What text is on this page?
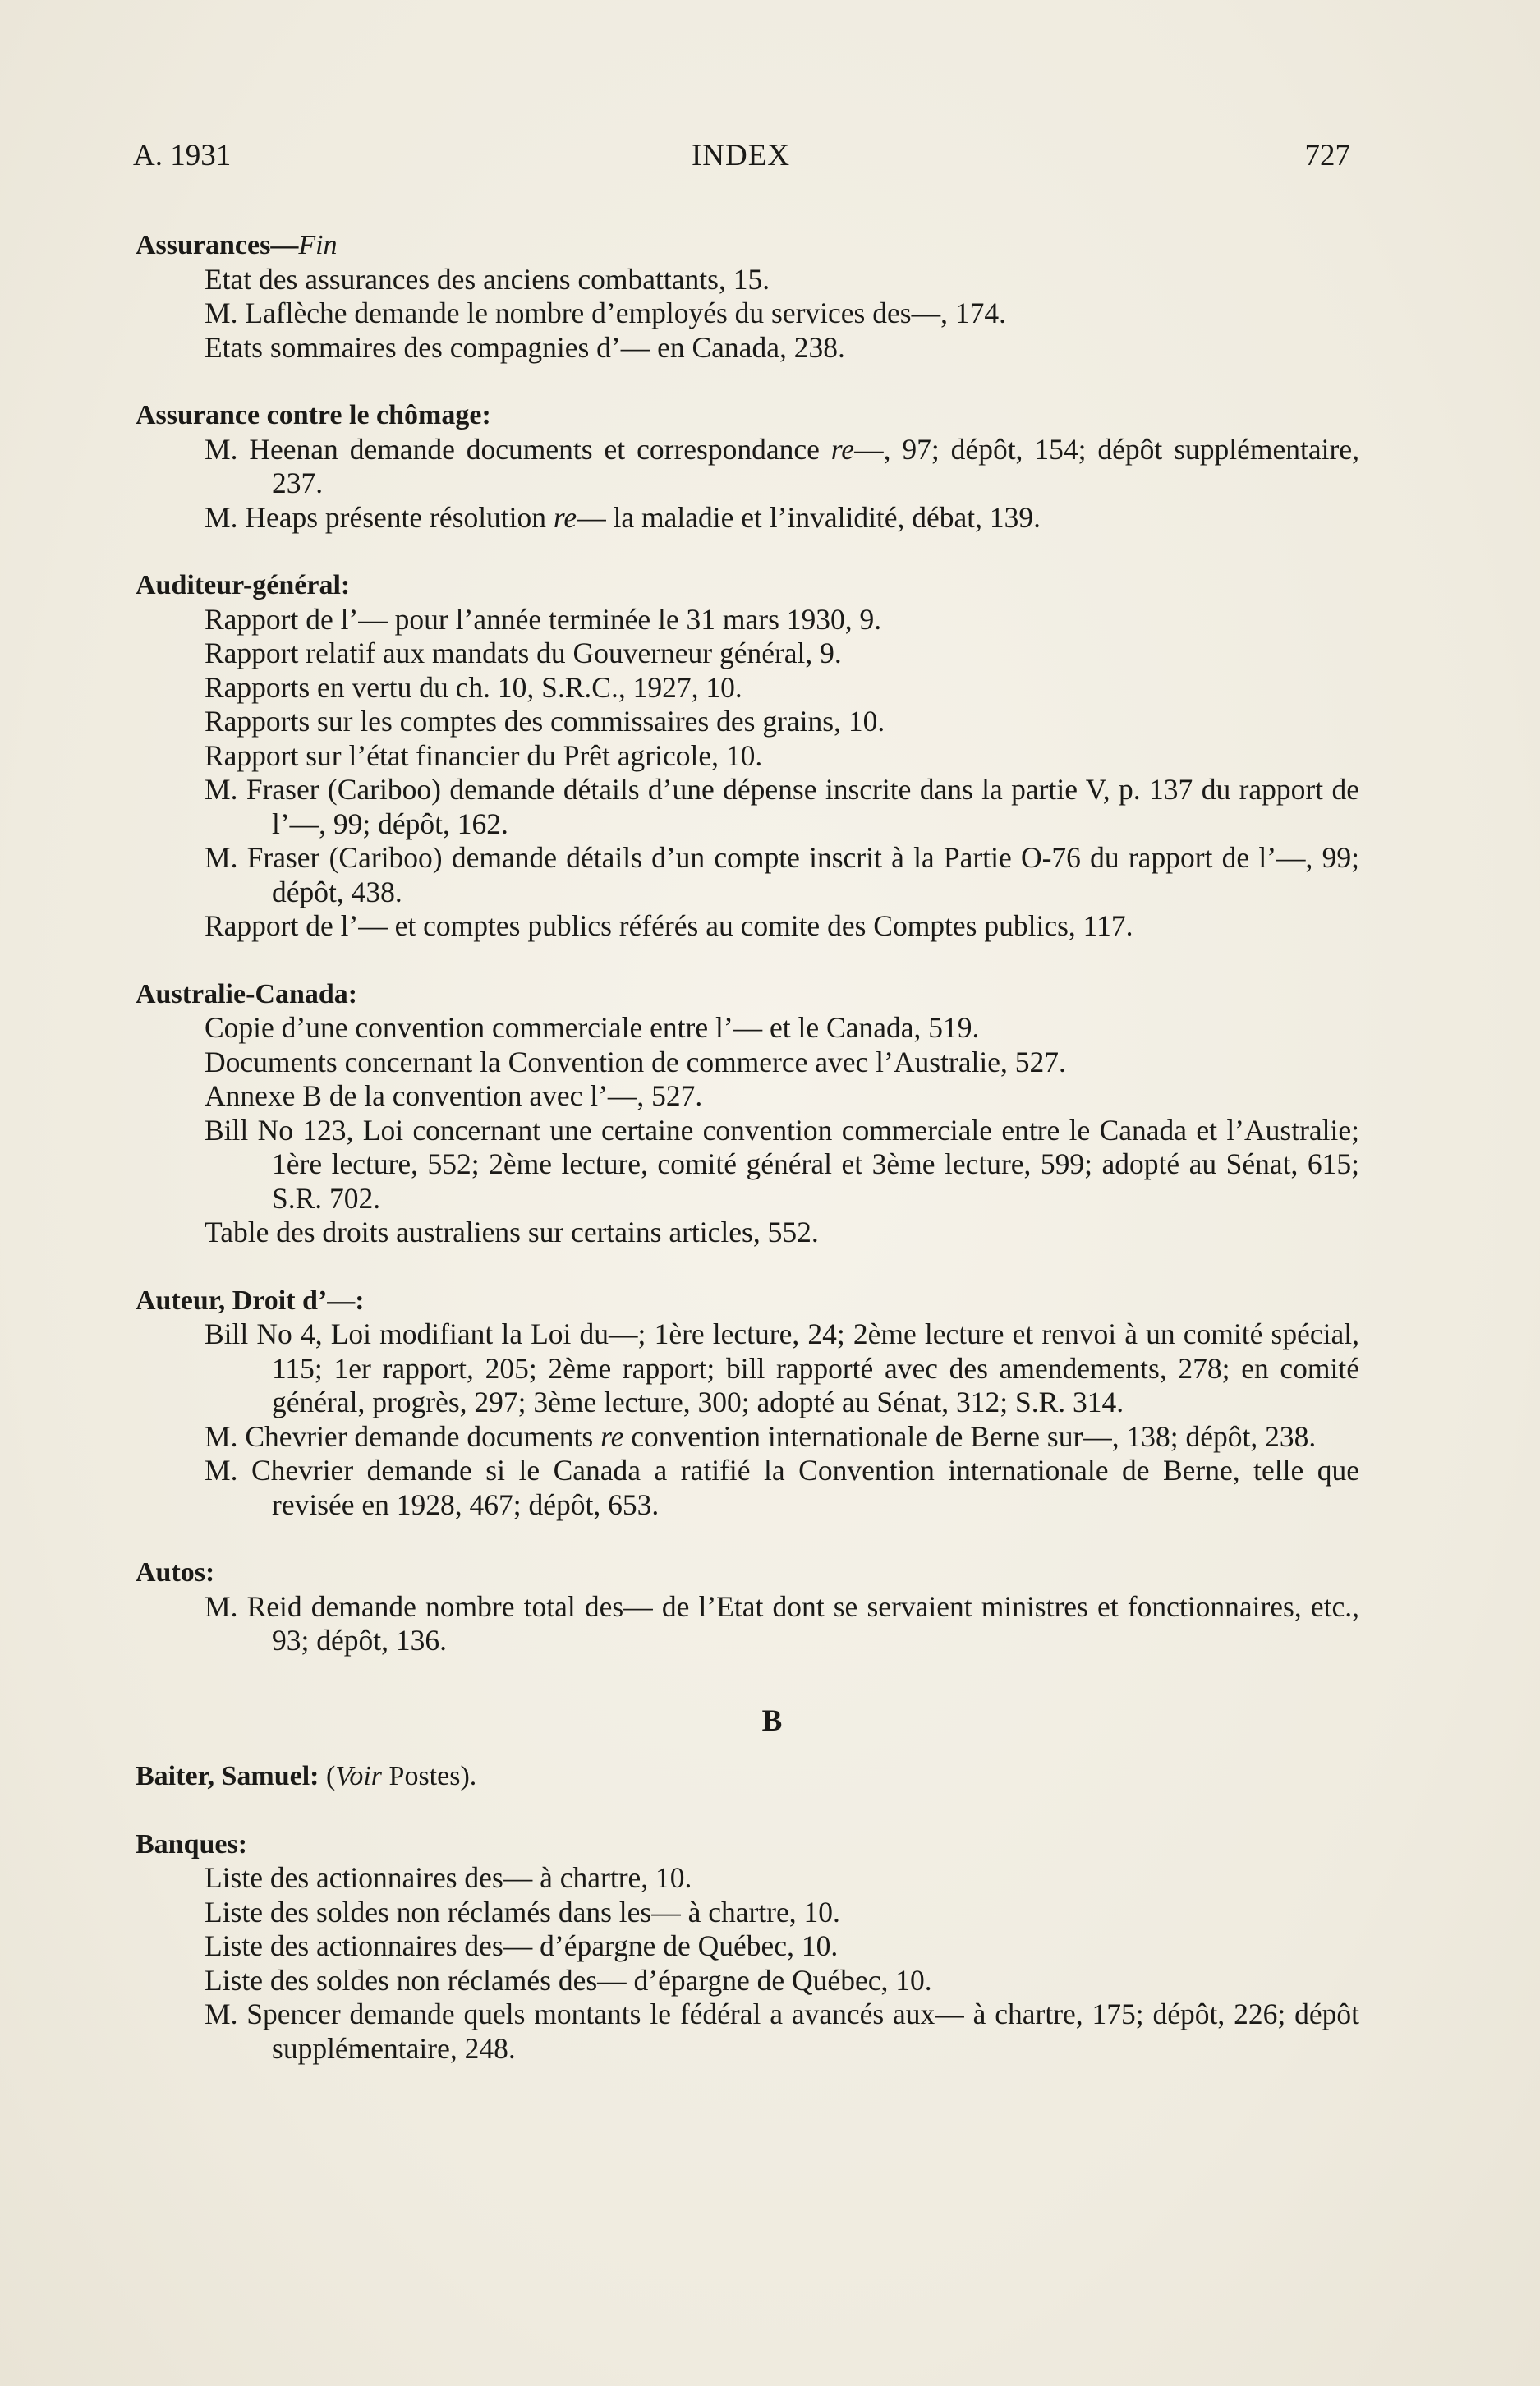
A. 1931	INDEX	727
Assurances—Fin
Etat des assurances des anciens combattants, 15.
M. Laflèche demande le nombre d’employés du services des—, 174.
Etats sommaires des compagnies d’— en Canada, 238.
Assurance contre le chômage:
M. Heenan demande documents et correspondance re—, 97; dépôt, 154; dépôt supplémentaire, 237.
M. Heaps présente résolution re— la maladie et l’invalidité, débat, 139.
Auditeur-général:
Rapport de l’— pour l’année terminée le 31 mars 1930, 9.
Rapport relatif aux mandats du Gouverneur général, 9.
Rapports en vertu du ch. 10, S.R.C., 1927, 10.
Rapports sur les comptes des commissaires des grains, 10.
Rapport sur l’état financier du Prêt agricole, 10.
M. Fraser (Cariboo) demande détails d’une dépense inscrite dans la partie V, p. 137 du rapport de l’—, 99; dépôt, 162.
M. Fraser (Cariboo) demande détails d’un compte inscrit à la Partie O-76 du rapport de l’—, 99; dépôt, 438.
Rapport de l’— et comptes publics référés au comite des Comptes publics, 117.
Australie-Canada:
Copie d’une convention commerciale entre l’— et le Canada, 519.
Documents concernant la Convention de commerce avec l’Australie, 527.
Annexe B de la convention avec l’—, 527.
Bill No 123, Loi concernant une certaine convention commerciale entre le Canada et l’Australie; 1ère lecture, 552; 2ème lecture, comité général et 3ème lecture, 599; adopté au Sénat, 615; S.R. 702.
Table des droits australiens sur certains articles, 552.
Auteur, Droit d’—:
Bill No 4, Loi modifiant la Loi du—; 1ère lecture, 24; 2ème lecture et renvoi à un comité spécial, 115; 1er rapport, 205; 2ème rapport; bill rapporté avec des amendements, 278; en comité général, progrès, 297; 3ème lecture, 300; adopté au Sénat, 312; S.R. 314.
M. Chevrier demande documents re convention internationale de Berne sur—, 138; dépôt, 238.
M. Chevrier demande si le Canada a ratifié la Convention internationale de Berne, telle que revisée en 1928, 467; dépôt, 653.
Autos:
M. Reid demande nombre total des— de l’Etat dont se servaient ministres et fonctionnaires, etc., 93; dépôt, 136.
B
Baiter, Samuel: (Voir Postes).
Banques:
Liste des actionnaires des— à chartre, 10.
Liste des soldes non réclamés dans les— à chartre, 10.
Liste des actionnaires des— d’épargne de Québec, 10.
Liste des soldes non réclamés des— d’épargne de Québec, 10.
M. Spencer demande quels montants le fédéral a avancés aux— à chartre, 175; dépôt, 226; dépôt supplémentaire, 248.
